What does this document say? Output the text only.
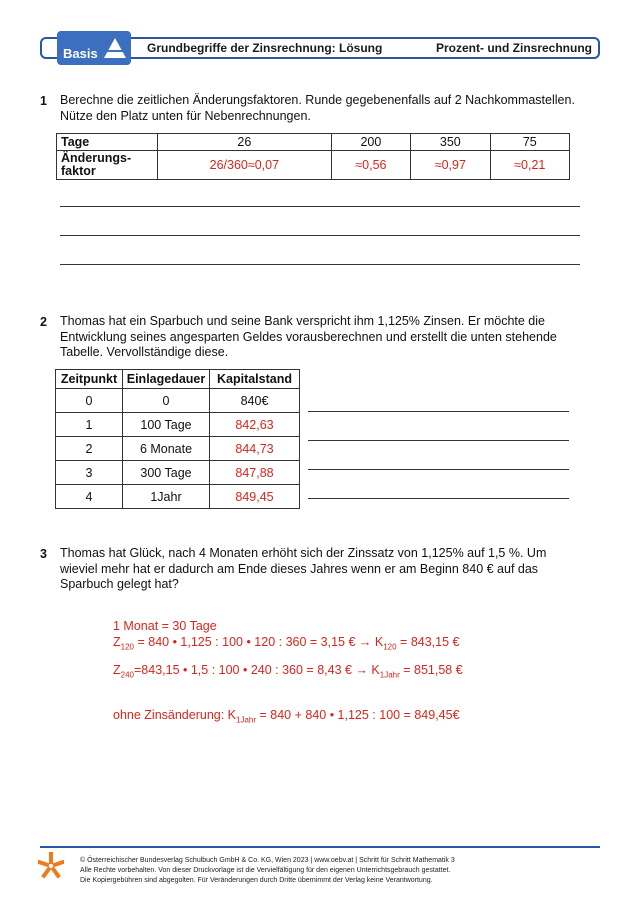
Basis	Grundbegriffe der Zinsrechnung: Lösung	Prozent- und Zinsrechnung
1 Berechne die zeitlichen Änderungsfaktoren. Runde gegebenenfalls auf 2 Nachkommastellen.
Nütze den Platz unten für Nebenrechnungen.
Tage	26	200	350	75

Änderungs-
faktor	26/360≈0,07	≈0,56	≈0,97	≈0,21
2 Thomas hat ein Sparbuch und seine Bank verspricht ihm 1,125% Zinsen. Er möchte die
Entwicklung seines angesparten Geldes vorausberechnen und erstellt die unten stehende
Tabelle. Vervollständige diese.
Zeitpunkt	Einlagedauer	Kapitalstand
0	0	840€
1	100 Tage	842,63
2	6 Monate	844,73
3	300 Tage	847,88
4	1Jahr	849,45
3 Thomas hat Glück, nach 4 Monaten erhöht sich der Zinssatz von 1,125% auf 1,5 %. Um
wieviel mehr hat er dadurch am Ende dieses Jahres wenn er am Beginn 840 € auf das
Sparbuch gelegt hat?
1 Monat = 30 Tage
$Z_{120} = 840$ • 1,125 : 100 • 120 : 360 = 3,15 € → $K_{120} = 843,15$ €
$Z_{240}=843,15$ • 1,5 : 100 • 240 : 360 = 8,43 € → $K_{1Jahr} = 851,58$ €
ohne Zinsänderung: $K_{1Jahr} = 840 + 840$ • 1,125 : 100 = 849,45€
© Österreichischer Bundesverlag Schulbuch GmbH & Co. KG, Wien 2023 | www.oebv.at | Schritt für Schritt Mathematik 3
Alle Rechte vorbehalten. Von dieser Druckvorlage ist die Vervielfältigung für den eigenen Unterrichtsgebrauch gestattet.
Die Kopiergebühren sind abgegolten. Für Veränderungen durch Dritte übernimmt der Verlag keine Verantwortung.
